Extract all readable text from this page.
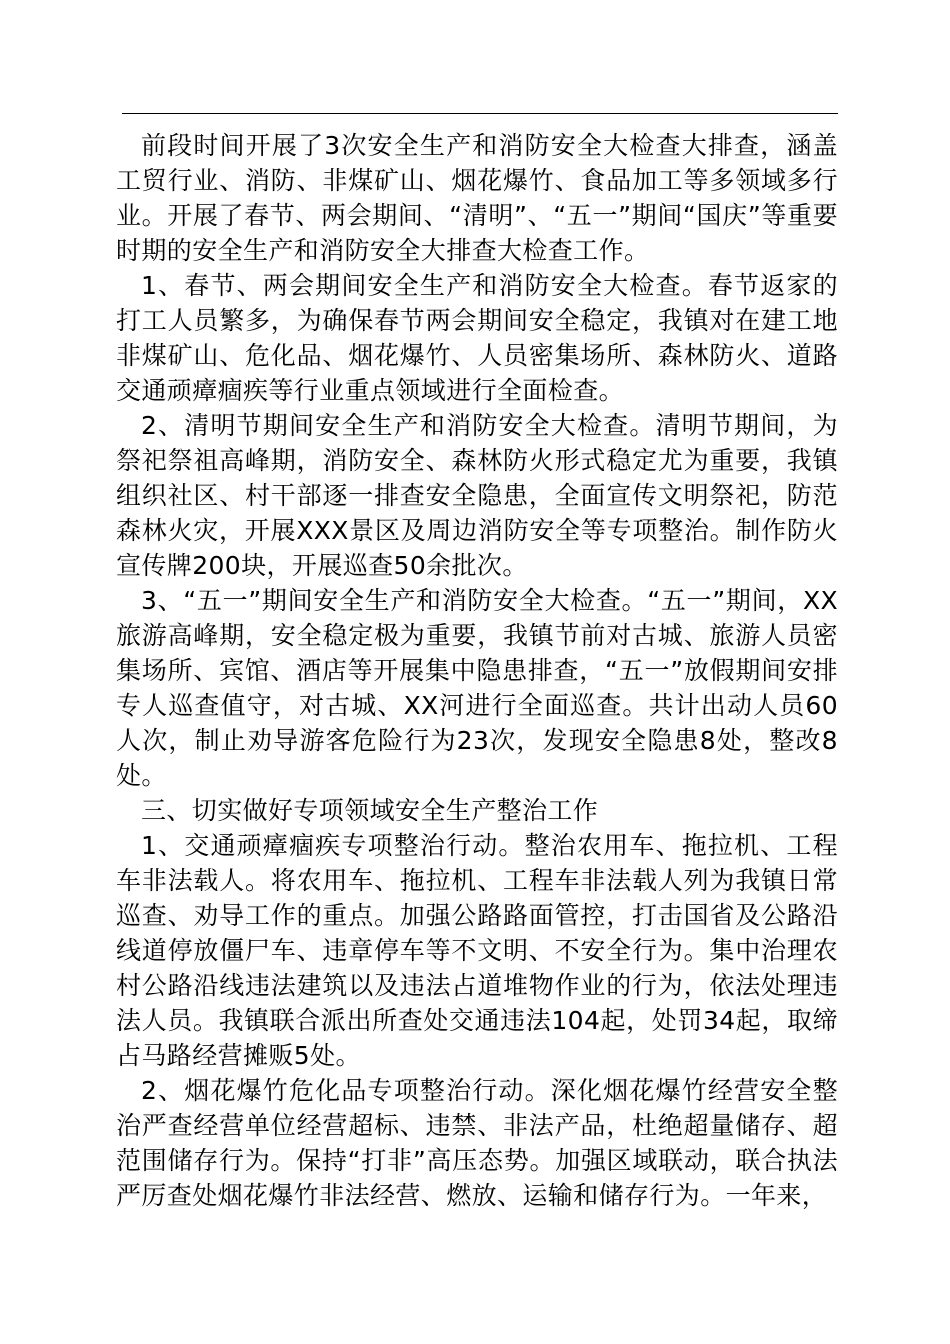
前段时间开展了3次安全生产和消防安全大检查大排查，涵盖工贸行业、消防、非煤矿山、烟花爆竹、食品加工等多领域多行业。开展了春节、两会期间、“清明”、“五一”期间“国庆”等重要时期的安全生产和消防安全大排查大检查工作。

1、春节、两会期间安全生产和消防安全大检查。春节返家的打工人员繁多，为确保春节两会期间安全稳定，我镇对在建工地非煤矿山、危化品、烟花爆竹、人员密集场所、森林防火、道路交通顽瘴痼疾等行业重点领域进行全面检查。

2、清明节期间安全生产和消防安全大检查。清明节期间，为祭祀祭祖高峰期，消防安全、森林防火形式稳定尤为重要，我镇组织社区、村干部逐一排查安全隐患，全面宣传文明祭祀，防范森林火灾，开展XXX景区及周边消防安全等专项整治。制作防火宣传牌200块，开展巡查50余批次。

3、“五一”期间安全生产和消防安全大检查。“五一”期间，XX旅游高峰期，安全稳定极为重要，我镇节前对古城、旅游人员密集场所、宾馆、酒店等开展集中隐患排查，“五一”放假期间安排专人巡查值守，对古城、XX河进行全面巡查。共计出动人员60人次，制止劝导游客危险行为23次，发现安全隐患8处，整改8处。

三、切实做好专项领域安全生产整治工作

1、交通顽瘴痼疾专项整治行动。整治农用车、拖拉机、工程车非法载人。将农用车、拖拉机、工程车非法载人列为我镇日常巡查、劝导工作的重点。加强公路路面管控，打击国省及公路沿线道停放僵尸车、违章停车等不文明、不安全行为。集中治理农村公路沿线违法建筑以及违法占道堆物作业的行为，依法处理违法人员。我镇联合派出所查处交通违法104起，处罚34起，取缔占马路经营摊贩5处。

2、烟花爆竹危化品专项整治行动。深化烟花爆竹经营安全整治严查经营单位经营超标、违禁、非法产品，杜绝超量储存、超范围储存行为。保持“打非”高压态势。加强区域联动，联合执法严厉查处烟花爆竹非法经营、燃放、运输和储存行为。一年来，
